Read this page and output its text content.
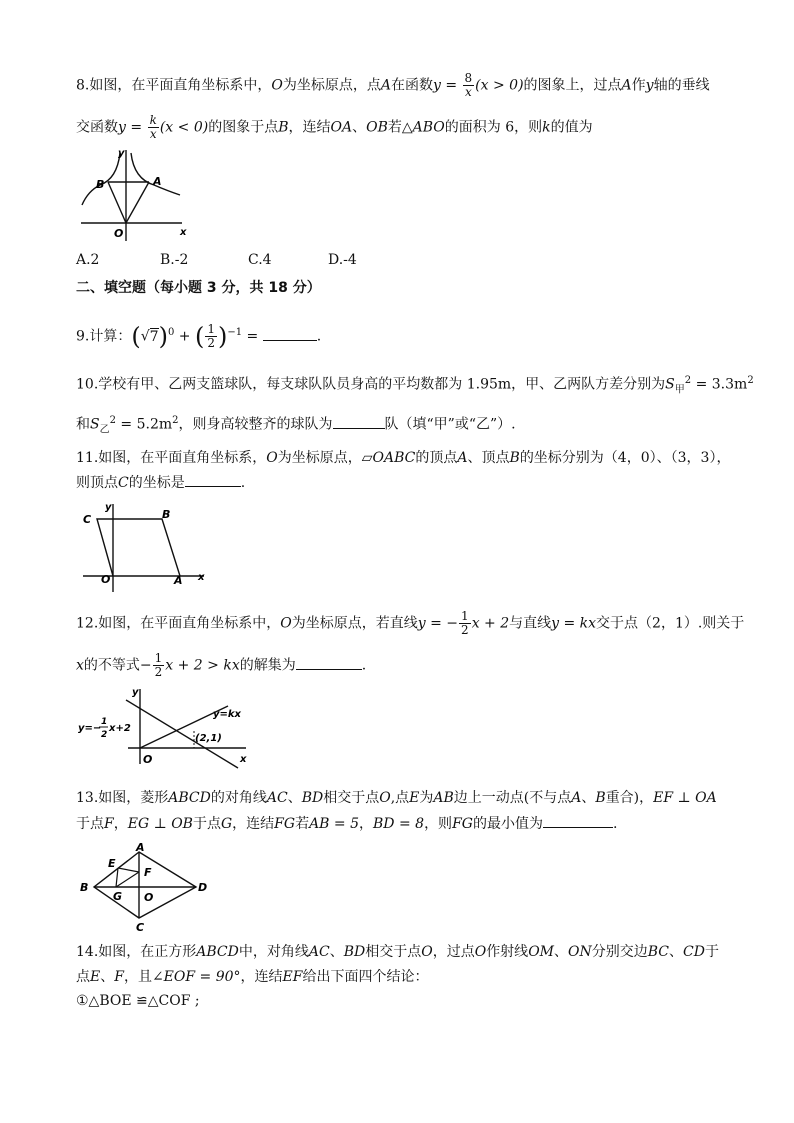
8.如图，在平面直角坐标系中，O为坐标原点，点A在函数$y = \frac{8}{x} (x > 0)$的图象上，过点A作y轴的垂线
交函数$y = \frac{k}{x} (x < 0)$的图象于点B，连结OA、OB若△ABO的面积为 6，则k的值为
y
x
O
A
B
A.2	B.-2	C.4	D.-4
二、填空题（每小题 3 分，共 18 分）
9.计算：$(√7)^0$ + ( $\frac{1}{2} )^{-1}$ =	.
10.学校有甲、乙两支篮球队，每支球队队员身高的平均数都为 1.95m，甲、乙两队方差分别为$S_甲^2 = 3.3m^2$
和$S_乙^2 = 5.2m^2$，则身高较整齐的球队为	队（填“甲”或“乙”）.
11.如图，在平面直角坐标系，O为坐标原点，▱OABC的顶点A、顶点B的坐标分别为（4，0）、（3，3），
则顶点C的坐标是	.
y
x
O	A
B
C
12.如图，在平面直角坐标系中，O为坐标原点，若直线y = − $\frac{1}{2}$ x + 2与直线y = kx交于点（2，1）.则关于
x的不等式− $\frac{1}{2}$ x + 2 > kx的解集为	.
y
x
O
y=kx
y=−
1
2
x+2
(2,1)
13.如图，菱形ABCD的对角线AC、BD相交于点O,点E为AB边上一动点(不与点A、B重合)，EF ⊥ OA
于点F，EG ⊥ OB于点G，连结FG若AB = 5，BD = 8，则FG的最小值为	.
A
B
C
D
E
F
G O
14.如图，在正方形ABCD中，对角线AC、BD相交于点O，过点O作射线OM、ON分别交边BC、CD于
点E、F，且∠EOF = 90°，连结EF给出下面四个结论：
①△BOE ≌△COF ;
